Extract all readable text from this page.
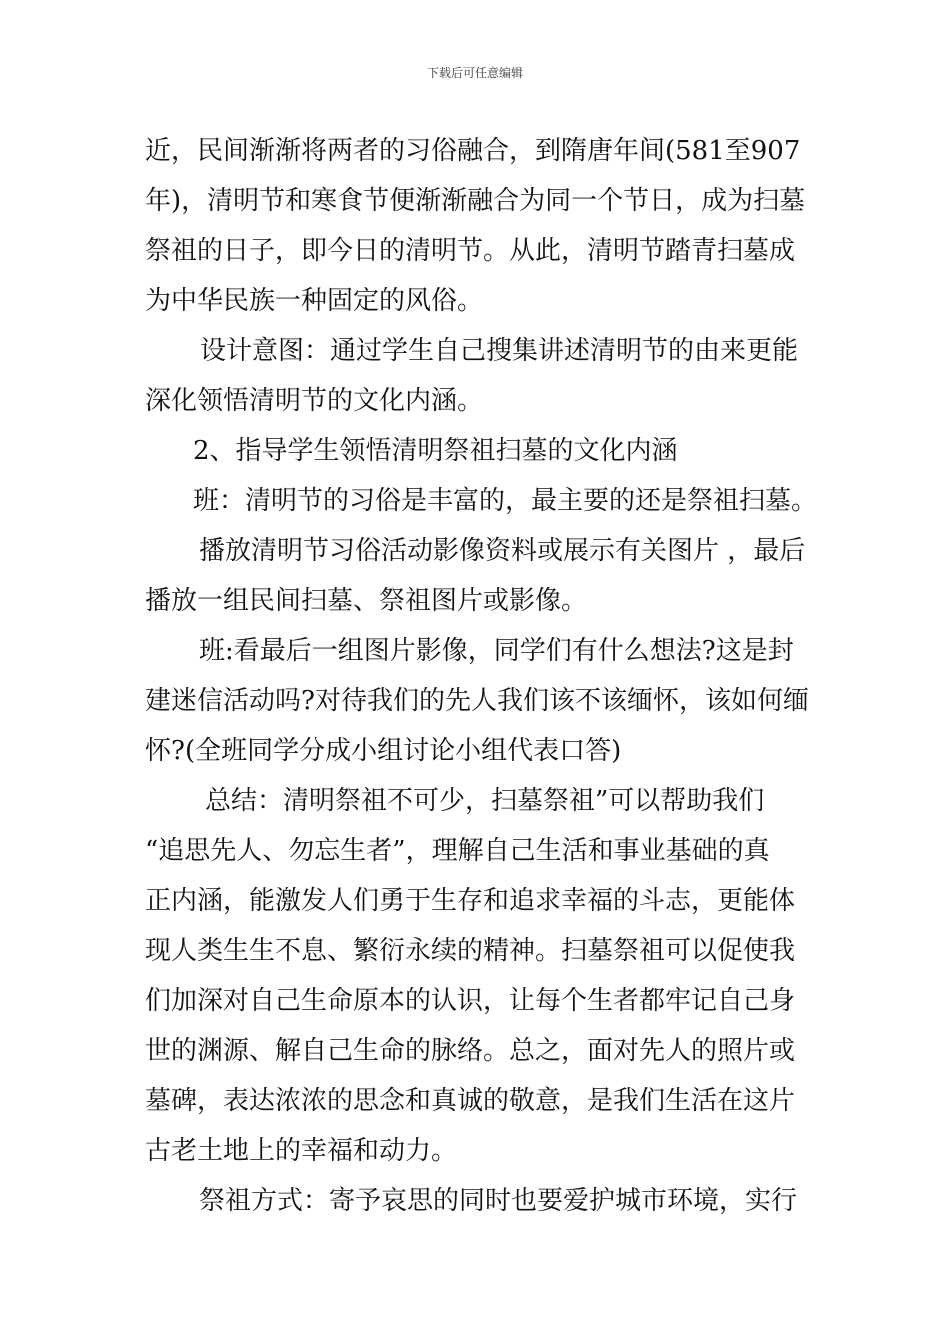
下载后可任意编辑
近，民间渐渐将两者的习俗融合，到隋唐年间(581至907
年)，清明节和寒食节便渐渐融合为同一个节日，成为扫墓
祭祖的日子，即今日的清明节。从此，清明节踏青扫墓成
为中华民族一种固定的风俗。
设计意图：通过学生自己搜集讲述清明节的由来更能
深化领悟清明节的文化内涵。
2、指导学生领悟清明祭祖扫墓的文化内涵
班：清明节的习俗是丰富的，最主要的还是祭祖扫墓。
播放清明节习俗活动影像资料或展示有关图片 ，最后
播放一组民间扫墓、祭祖图片或影像。
班:看最后一组图片影像，同学们有什么想法?这是封
建迷信活动吗?对待我们的先人我们该不该缅怀，该如何缅
怀?(全班同学分成小组讨论小组代表口答)
总结：清明祭祖不可少，扫墓祭祖”可以帮助我们
“追思先人、勿忘生者”，理解自己生活和事业基础的真
正内涵，能激发人们勇于生存和追求幸福的斗志，更能体
现人类生生不息、繁衍永续的精神。扫墓祭祖可以促使我
们加深对自己生命原本的认识，让每个生者都牢记自己身
世的渊源、解自己生命的脉络。总之，面对先人的照片或
墓碑，表达浓浓的思念和真诚的敬意，是我们生活在这片
古老土地上的幸福和动力。
祭祖方式：寄予哀思的同时也要爱护城市环境，实行
